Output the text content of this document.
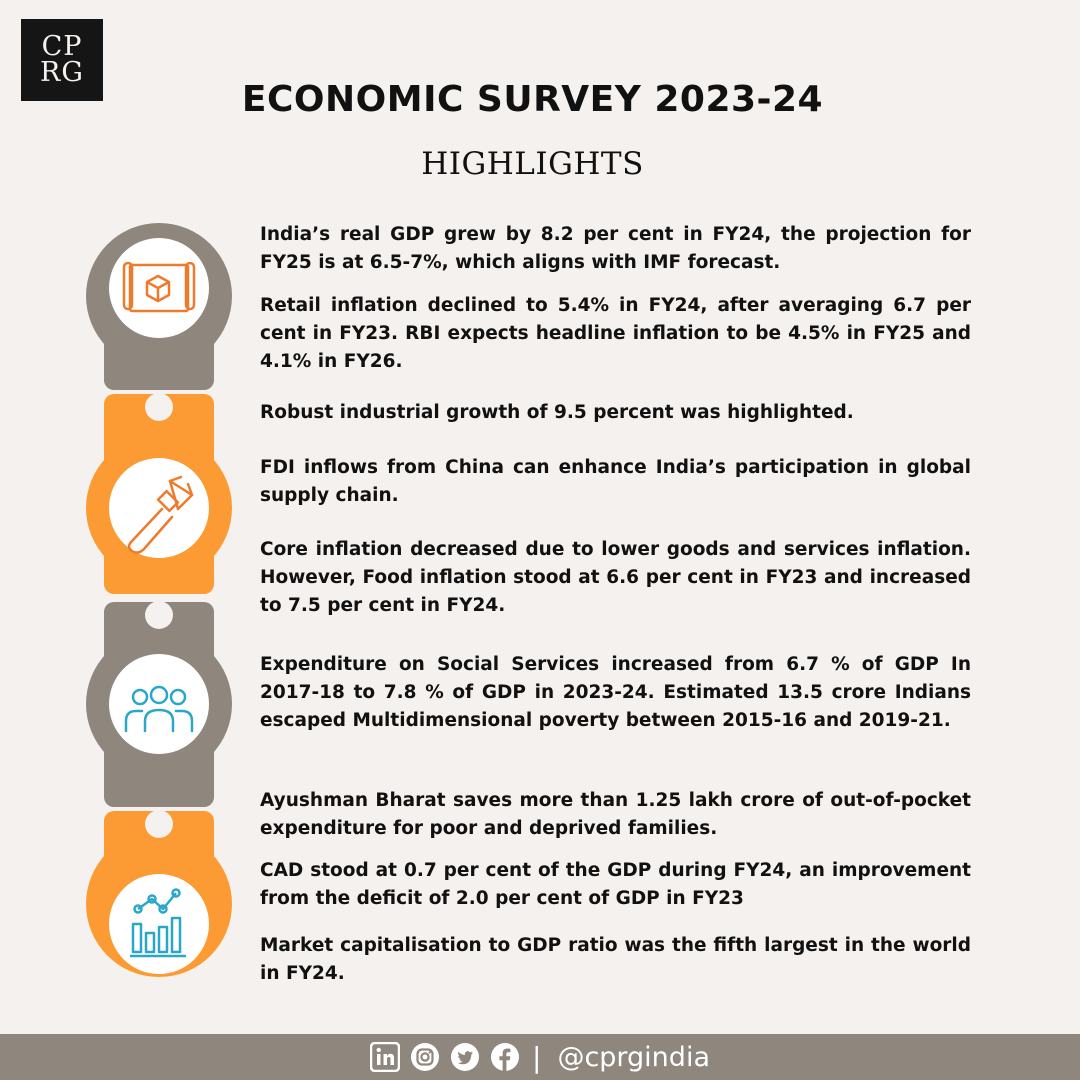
CP
RG
ECONOMIC SURVEY 2023-24
HIGHLIGHTS

India’s real GDP grew by 8.2 per cent in FY24, the projection for FY25 is at 6.5-7%, which aligns with IMF forecast.

Retail inflation declined to 5.4% in FY24, after averaging 6.7 per cent in FY23. RBI expects headline inflation to be 4.5% in FY25 and 4.1% in FY26.

Robust industrial growth of 9.5 percent was highlighted.

FDI inflows from China can enhance India’s participation in global supply chain.

Core inflation decreased due to lower goods and services inflation. However, Food inflation stood at 6.6 per cent in FY23 and increased to 7.5 per cent in FY24.

Expenditure on Social Services increased from 6.7 % of GDP In 2017-18 to 7.8 % of GDP in 2023-24. Estimated 13.5 crore Indians escaped Multidimensional poverty between 2015-16 and 2019-21.

Ayushman Bharat saves more than 1.25 lakh crore of out-of-pocket expenditure for poor and deprived families.

CAD stood at 0.7 per cent of the GDP during FY24, an improvement from the deficit of 2.0 per cent of GDP in FY23

Market capitalisation to GDP ratio was the fifth largest in the world in FY24.

| @cprgindia
